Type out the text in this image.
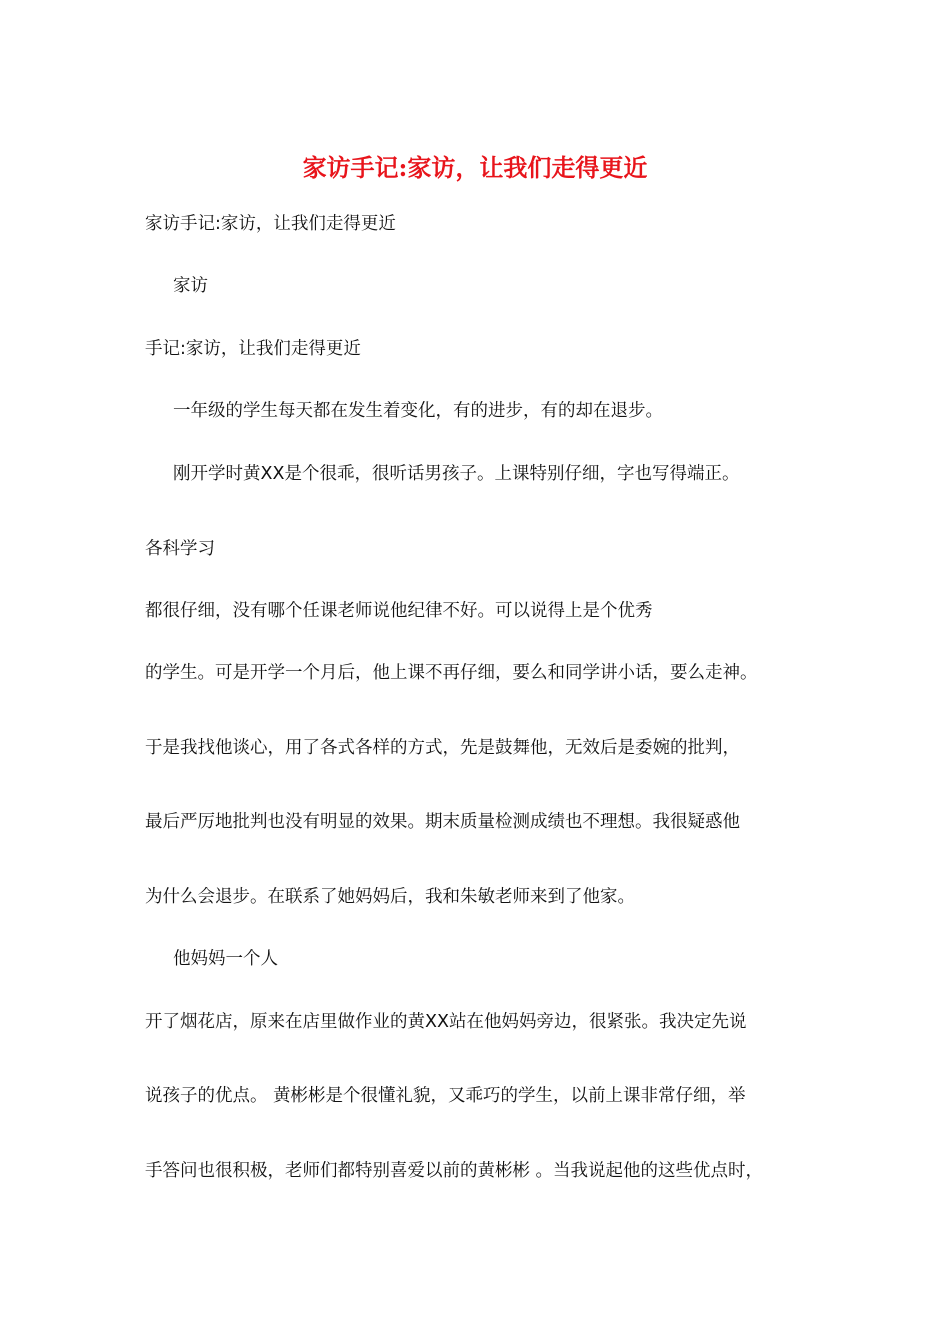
家访手记:家访，让我们走得更近
家访手记:家访，让我们走得更近
家访
手记:家访，让我们走得更近
一年级的学生每天都在发生着变化，有的进步，有的却在退步。
刚开学时黄XX是个很乖，很听话男孩子。上课特别仔细，字也写得端正。
各科学习
都很仔细，没有哪个任课老师说他纪律不好。可以说得上是个优秀
的学生。可是开学一个月后，他上课不再仔细，要么和同学讲小话，要么走神。
于是我找他谈心，用了各式各样的方式，先是鼓舞他，无效后是委婉的批判，
最后严厉地批判也没有明显的效果。期末质量检测成绩也不理想。我很疑惑他
为什么会退步。在联系了她妈妈后，我和朱敏老师来到了他家。
他妈妈一个人
开了烟花店，原来在店里做作业的黄XX站在他妈妈旁边，很紧张。我决定先说
说孩子的优点。 黄彬彬是个很懂礼貌，又乖巧的学生，以前上课非常仔细，举
手答问也很积极，老师们都特别喜爱以前的黄彬彬 。当我说起他的这些优点时，
